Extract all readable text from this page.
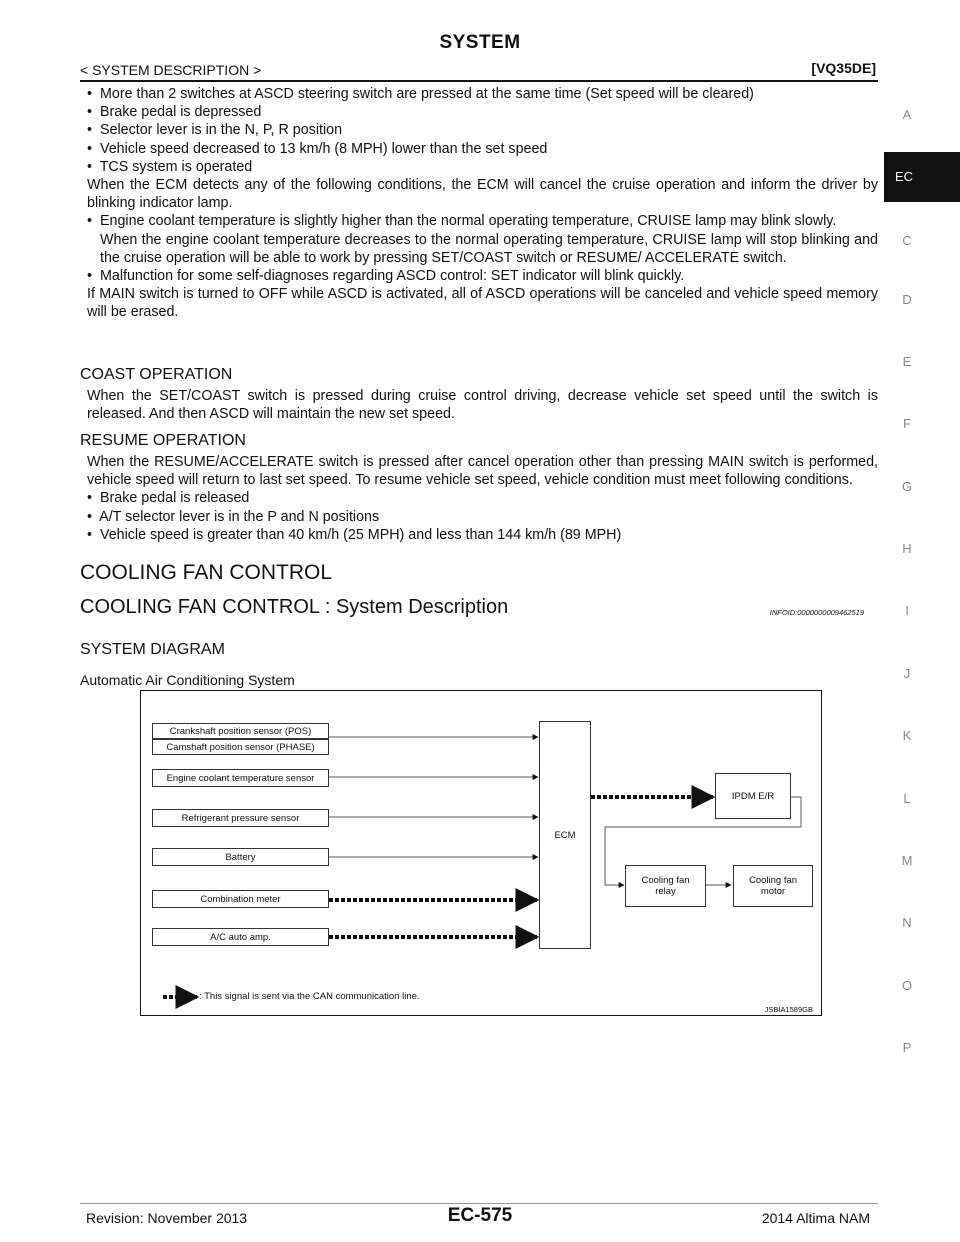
SYSTEM
< SYSTEM DESCRIPTION >	[VQ35DE]
EC
A
C
D
E
F
G
H
I
J
K
L
M
N
O
P

•  More than 2 switches at ASCD steering switch are pressed at the same time (Set speed will be cleared)

•  Brake pedal is depressed

•  Selector lever is in the N, P, R position

•  Vehicle speed decreased to 13 km/h (8 MPH) lower than the set speed

•  TCS system is operated

When the ECM detects any of the following conditions, the ECM will cancel the cruise operation and inform the driver by blinking indicator lamp.

•  Engine coolant temperature is slightly higher than the normal operating temperature, CRUISE lamp may blink slowly.

When the engine coolant temperature decreases to the normal operating temperature, CRUISE lamp will stop blinking and the cruise operation will be able to work by pressing SET/COAST switch or RESUME/ ACCELERATE switch.

•  Malfunction for some self-diagnoses regarding ASCD control: SET indicator will blink quickly.

If MAIN switch is turned to OFF while ASCD is activated, all of ASCD operations will be canceled and vehicle speed memory will be erased.

COAST OPERATION

When the SET/COAST switch is pressed during cruise control driving, decrease vehicle set speed until the switch is released. And then ASCD will maintain the new set speed.

RESUME OPERATION

When the RESUME/ACCELERATE switch is pressed after cancel operation other than pressing MAIN switch is performed, vehicle speed will return to last set speed. To resume vehicle set speed, vehicle condition must meet following conditions.

•  Brake pedal is released

•  A/T selector lever is in the P and N positions

•  Vehicle speed is greater than 40 km/h (25 MPH) and less than 144 km/h (89 MPH)

COOLING FAN CONTROL
COOLING FAN CONTROL : System Description	INFOID:0000000009462519
SYSTEM DIAGRAM
Automatic Air Conditioning System
Crankshaft position sensor (POS)
Camshaft position sensor (PHASE)
Engine coolant temperature sensor
Refrigerant pressure sensor
Battery
Combination meter
A/C auto amp.
ECM
IPDM E/R
Cooling fan relay
Cooling fan motor
: This signal is sent via the CAN communication line.
JSBIA1589GB
Revision: November 2013	EC-575	2014 Altima NAM
